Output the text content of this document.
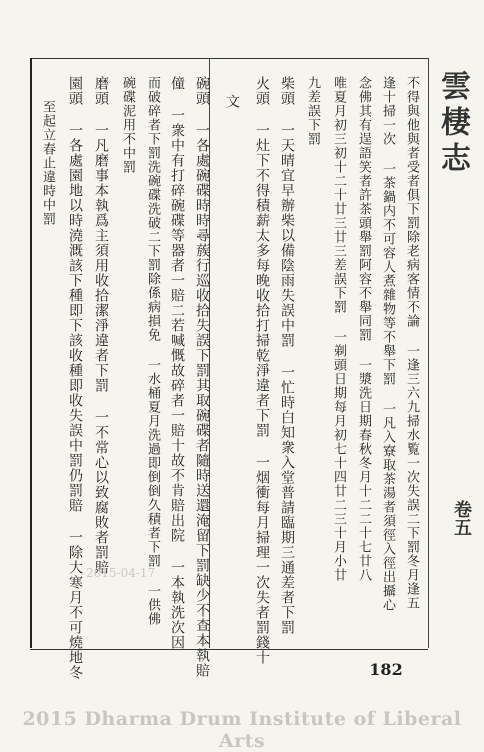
雲棲志
卷五
不得與他與者受者俱下罰除老病客情不論 一逢三六九掃水覧一次失誤二下罰冬月逢五
逢十掃一次 一茶鍋内不可容人煮雜物等不舉下罰 一凡入寮取茶湯者須徑入徑出攝心
念佛其有逞語笑者許茶頭舉罰阿容不舉同罰 一漿洗日期春秋冬月十二二十七廿八
唯夏月初三初十二十廿三廿三差誤下罰 一剃頭日期每月初七十四廿二三十月小廿
九差誤下罰
柴頭 一天晴宜早辦柴以備陰雨失誤中罰 一忙時白知衆入堂普請臨期三通差者下罰
火頭 一灶下不得積薪太多每晚收拾打掃乾淨違者下罰 一烟衝每月掃理一次失者罰錢十
文
碗頭 一各處碗碟時時尋蔟行巡收拾失誤下罰其取碗碟者隨時送還淹留下罰缺少不查本執賠
僮 一衆中有打碎碗碟等器者一賠二若喊慨故碎者一賠十故不肯賠出院 一本執洗次因
而破碎者下罰洗碗碟洗破二下罰除係病損免 一水桶夏月洗過即倒倒久積者下罰 一供佛
碗碟泥用不中罰
磨頭 一凡磨事本執爲主須用收拾潔淨違者下罰 一不常心以致腐敗者罰賠
園頭 一各處園地以時澆溉該下種即下該收種即收失誤中罰仍罰賠 一除大寒月不可燒地冬
至起立春止違時中罰
2015-04-17
182
2015 Dharma Drum Institute of Liberal Arts
